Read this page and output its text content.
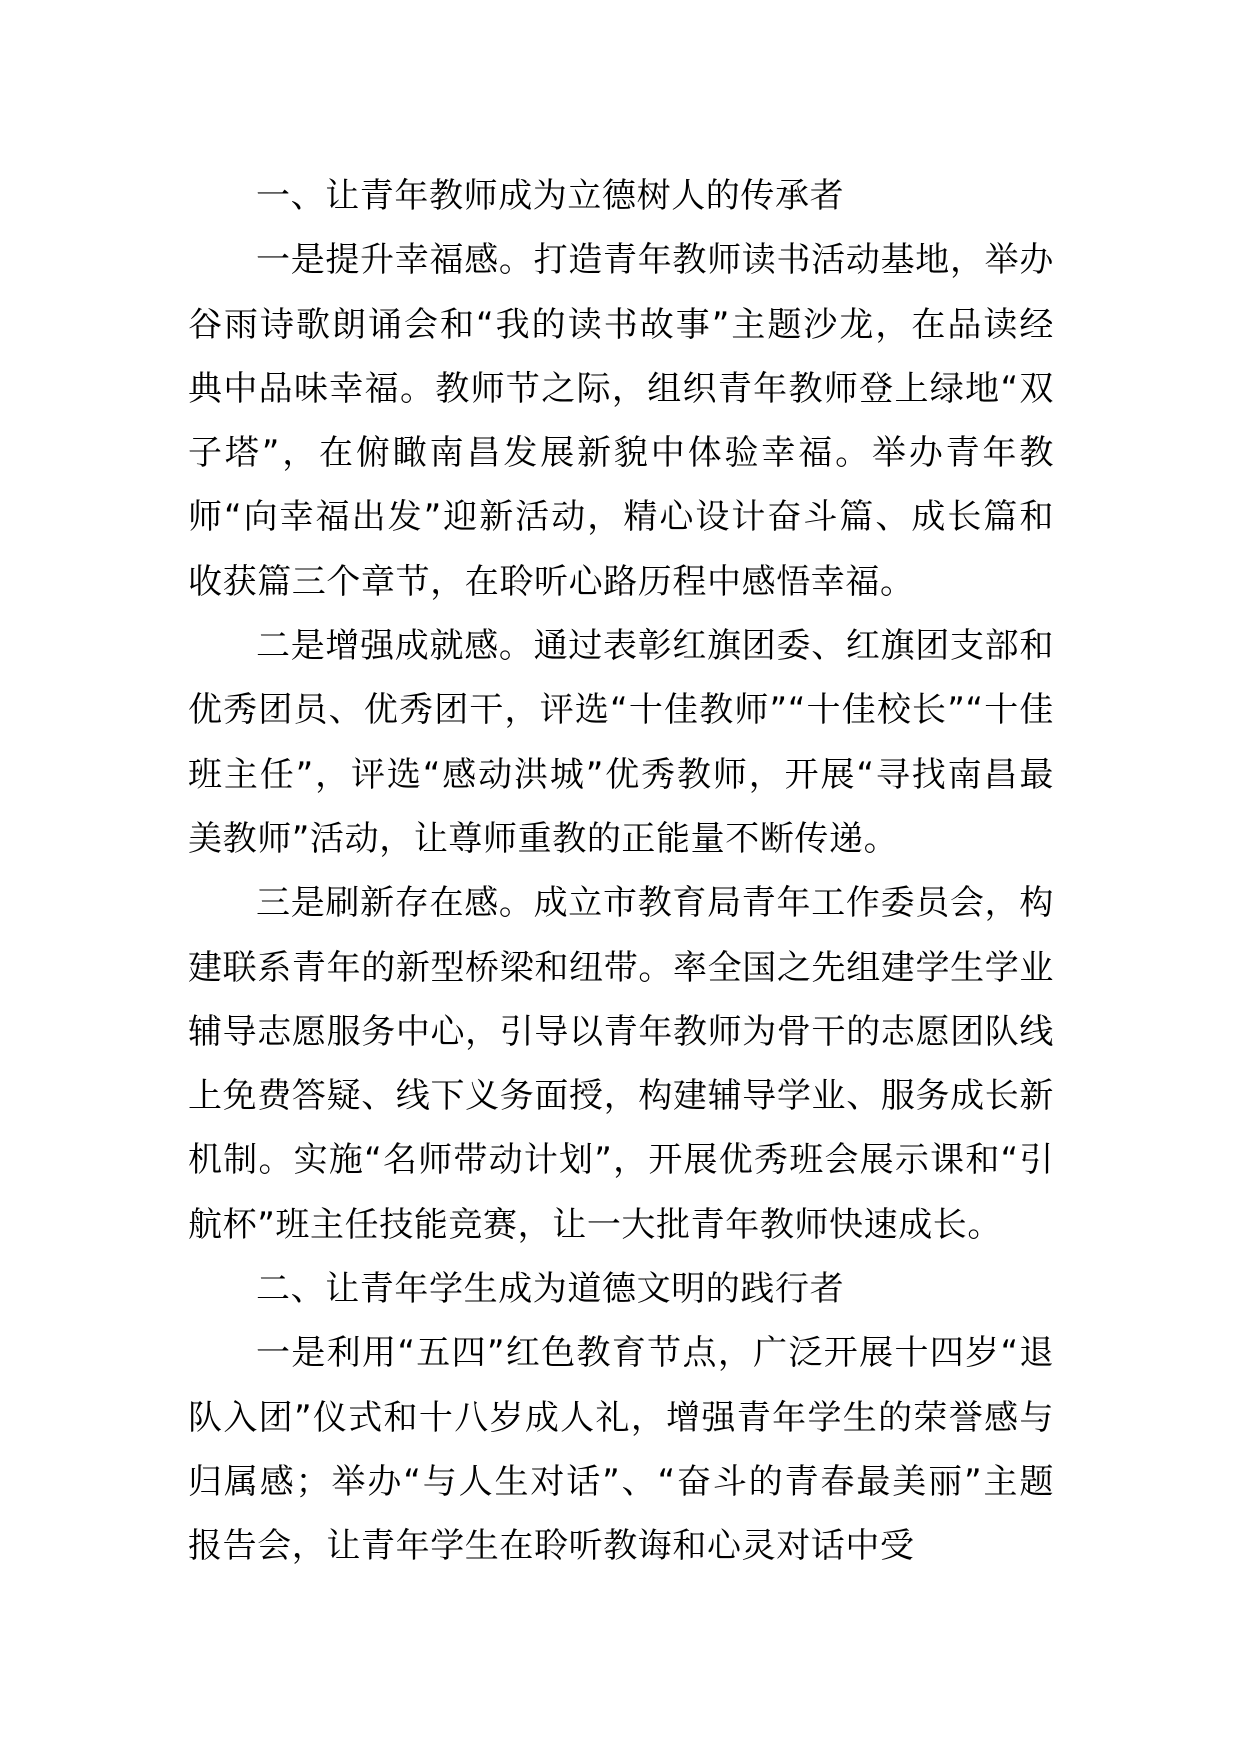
一、让青年教师成为立德树人的传承者

一是提升幸福感。打造青年教师读书活动基地，举办谷雨诗歌朗诵会和“我的读书故事”主题沙龙，在品读经典中品味幸福。教师节之际，组织青年教师登上绿地“双子塔”，在俯瞰南昌发展新貌中体验幸福。举办青年教师“向幸福出发”迎新活动，精心设计奋斗篇、成长篇和收获篇三个章节，在聆听心路历程中感悟幸福。

二是增强成就感。通过表彰红旗团委、红旗团支部和优秀团员、优秀团干，评选“十佳教师”“十佳校长”“十佳班主任”，评选“感动洪城”优秀教师，开展“寻找南昌最美教师”活动，让尊师重教的正能量不断传递。

三是刷新存在感。成立市教育局青年工作委员会，构建联系青年的新型桥梁和纽带。率全国之先组建学生学业辅导志愿服务中心，引导以青年教师为骨干的志愿团队线上免费答疑、线下义务面授，构建辅导学业、服务成长新机制。实施“名师带动计划”，开展优秀班会展示课和“引航杯”班主任技能竞赛，让一大批青年教师快速成长。

二、让青年学生成为道德文明的践行者

一是利用“五四”红色教育节点，广泛开展十四岁“退队入团”仪式和十八岁成人礼，增强青年学生的荣誉感与归属感；举办“与人生对话”、“奋斗的青春最美丽”主题报告会，让青年学生在聆听教诲和心灵对话中受
